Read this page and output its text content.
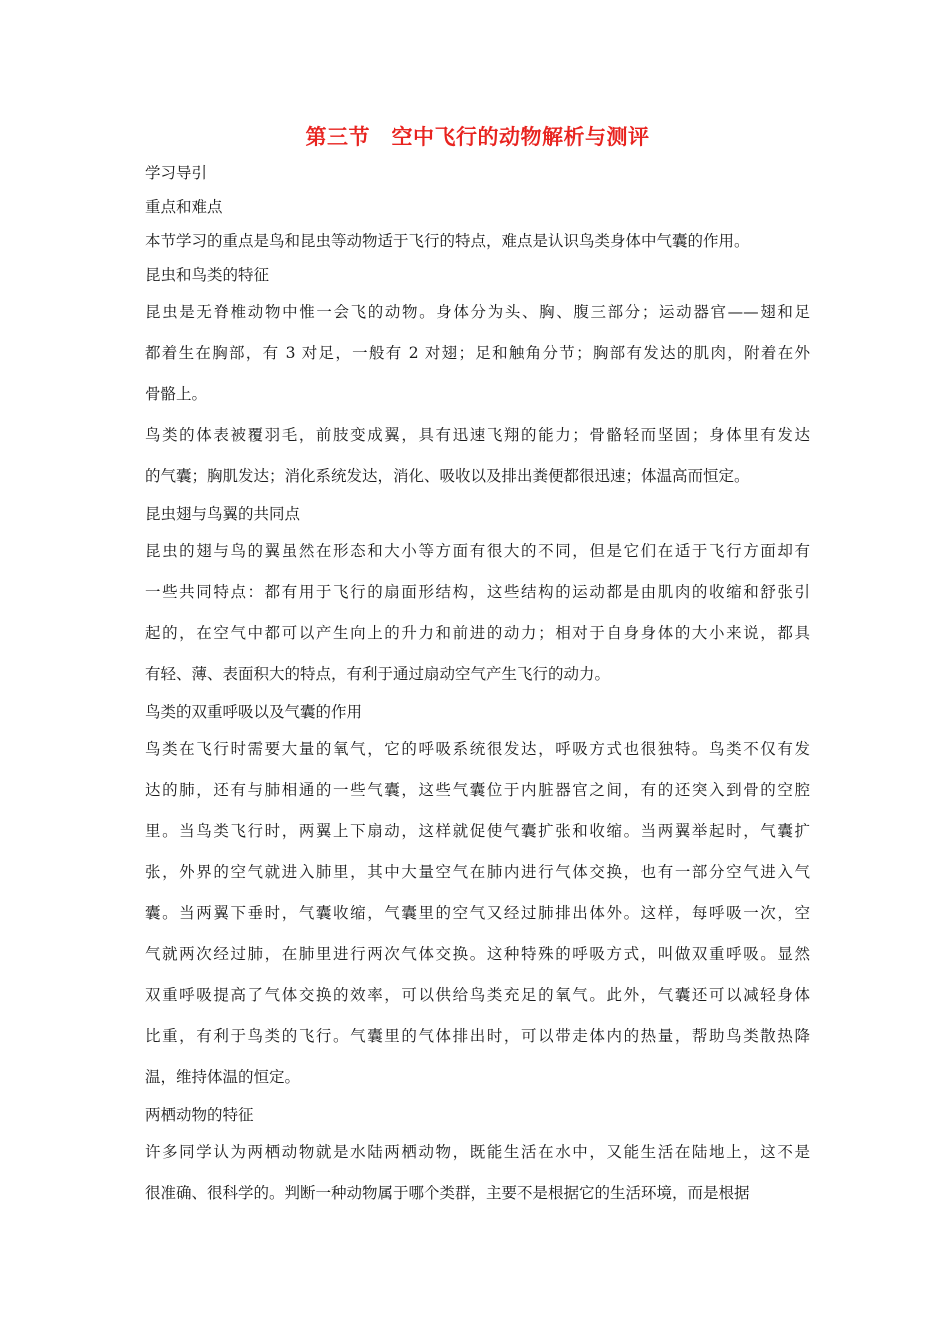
第三节　空中飞行的动物解析与测评

学习导引

重点和难点

本节学习的重点是鸟和昆虫等动物适于飞行的特点，难点是认识鸟类身体中气囊的作用。

昆虫和鸟类的特征

昆虫是无脊椎动物中惟一会飞的动物。身体分为头、胸、腹三部分；运动器官——翅和足
都着生在胸部，有 3 对足，一般有 2 对翅；足和触角分节；胸部有发达的肌肉，附着在外
骨骼上。

鸟类的体表被覆羽毛，前肢变成翼，具有迅速飞翔的能力；骨骼轻而坚固；身体里有发达
的气囊；胸肌发达；消化系统发达，消化、吸收以及排出粪便都很迅速；体温高而恒定。

昆虫翅与鸟翼的共同点

昆虫的翅与鸟的翼虽然在形态和大小等方面有很大的不同，但是它们在适于飞行方面却有
一些共同特点：都有用于飞行的扇面形结构，这些结构的运动都是由肌肉的收缩和舒张引
起的，在空气中都可以产生向上的升力和前进的动力；相对于自身身体的大小来说，都具
有轻、薄、表面积大的特点，有利于通过扇动空气产生飞行的动力。

鸟类的双重呼吸以及气囊的作用

鸟类在飞行时需要大量的氧气，它的呼吸系统很发达，呼吸方式也很独特。鸟类不仅有发
达的肺，还有与肺相通的一些气囊，这些气囊位于内脏器官之间，有的还突入到骨的空腔
里。当鸟类飞行时，两翼上下扇动，这样就促使气囊扩张和收缩。当两翼举起时，气囊扩
张，外界的空气就进入肺里，其中大量空气在肺内进行气体交换，也有一部分空气进入气
囊。当两翼下垂时，气囊收缩，气囊里的空气又经过肺排出体外。这样，每呼吸一次，空
气就两次经过肺，在肺里进行两次气体交换。这种特殊的呼吸方式，叫做双重呼吸。显然
双重呼吸提高了气体交换的效率，可以供给鸟类充足的氧气。此外，气囊还可以减轻身体
比重，有利于鸟类的飞行。气囊里的气体排出时，可以带走体内的热量，帮助鸟类散热降
温，维持体温的恒定。

两栖动物的特征

许多同学认为两栖动物就是水陆两栖动物，既能生活在水中，又能生活在陆地上，这不是
很准确、很科学的。判断一种动物属于哪个类群，主要不是根据它的生活环境，而是根据
